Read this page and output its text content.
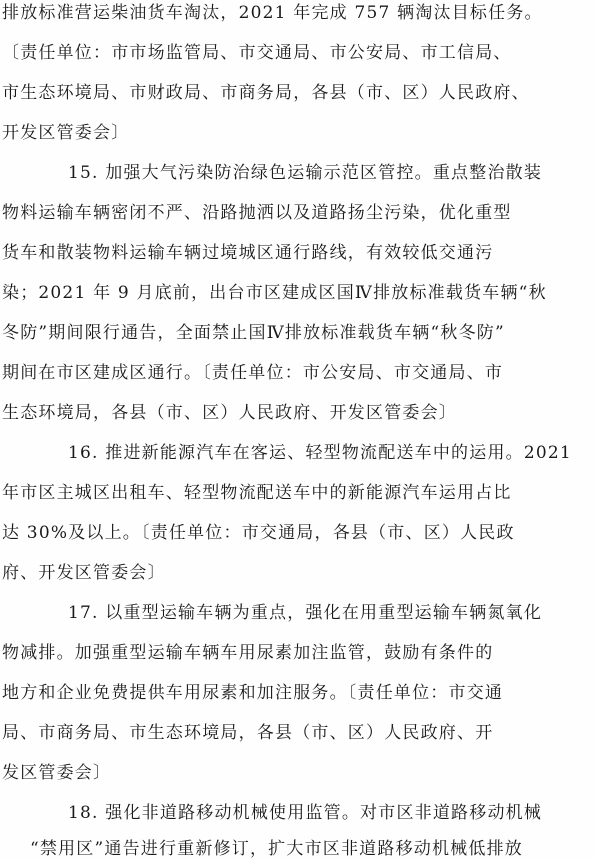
排放标准营运柴油货车淘汰，2021 年完成 757 辆淘汰目标任务。
〔责任单位：市市场监管局、市交通局、市公安局、市工信局、
市生态环境局、市财政局、市商务局，各县（市、区）人民政府、
开发区管委会〕
15. 加强大气污染防治绿色运输示范区管控。重点整治散装
物料运输车辆密闭不严、沿路抛洒以及道路扬尘污染，优化重型
货车和散装物料运输车辆过境城区通行路线，有效较低交通污
染；2021 年 9 月底前，出台市区建成区国Ⅳ排放标准载货车辆“秋
冬防”期间限行通告，全面禁止国Ⅳ排放标准载货车辆“秋冬防”
期间在市区建成区通行。〔责任单位：市公安局、市交通局、市
生态环境局，各县（市、区）人民政府、开发区管委会〕
16. 推进新能源汽车在客运、轻型物流配送车中的运用。2021
年市区主城区出租车、轻型物流配送车中的新能源汽车运用占比
达 30%及以上。〔责任单位：市交通局，各县（市、区）人民政
府、开发区管委会〕
17. 以重型运输车辆为重点，强化在用重型运输车辆氮氧化
物减排。加强重型运输车辆车用尿素加注监管，鼓励有条件的
地方和企业免费提供车用尿素和加注服务。〔责任单位：市交通
局、市商务局、市生态环境局，各县（市、区）人民政府、开
发区管委会〕
18. 强化非道路移动机械使用监管。对市区非道路移动机械
“禁用区”通告进行重新修订，扩大市区非道路移动机械低排放
